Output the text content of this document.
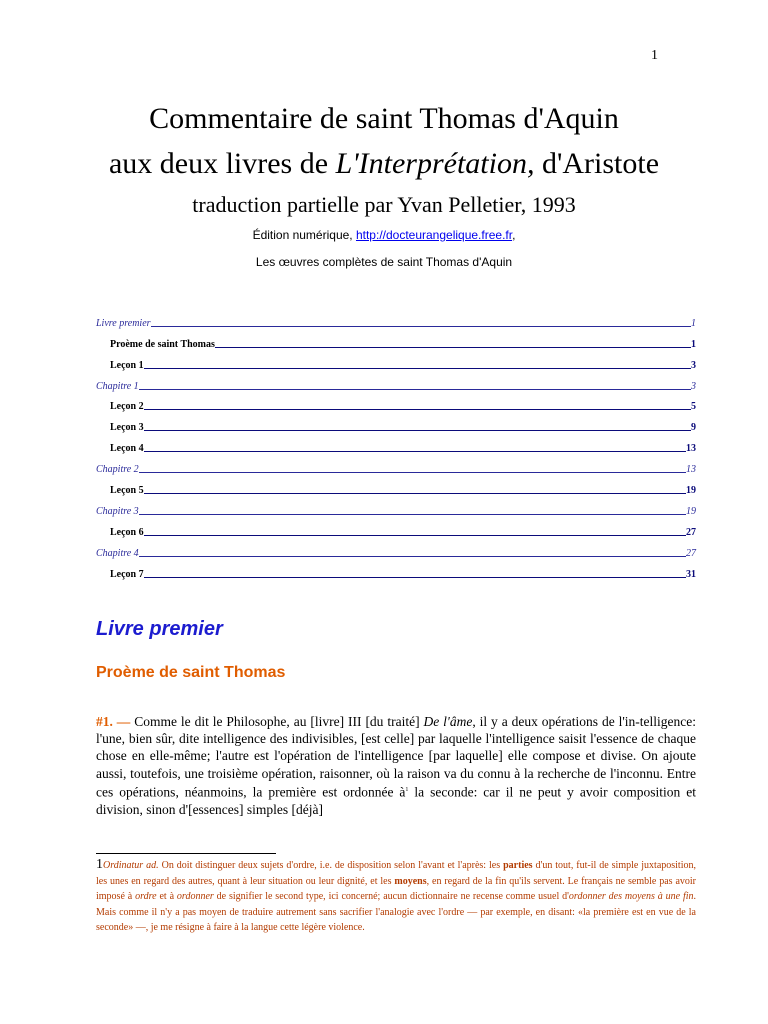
1
Commentaire de saint Thomas d'Aquin
aux deux livres de L'Interprétation, d'Aristote
traduction partielle par Yvan Pelletier, 1993
Édition numérique, http://docteurangelique.free.fr,
Les œuvres complètes de saint Thomas d'Aquin
Livre premier	1
Proème de saint Thomas	1
Leçon 1	3
Chapitre 1	3
Leçon 2	5
Leçon 3	9
Leçon 4	13
Chapitre 2	13
Leçon 5	19
Chapitre 3	19
Leçon 6	27
Chapitre 4	27
Leçon 7	31
Livre premier
Proème de saint Thomas
#1. — Comme le dit le Philosophe, au [livre] III [du traité] De l'âme, il y a deux opérations de l'in-telligence: l'une, bien sûr, dite intelligence des indivisibles, [est celle] par laquelle l'intelligence saisit l'essence de chaque chose en elle-même; l'autre est l'opération de l'intelligence [par laquelle] elle compose et divise. On ajoute aussi, toutefois, une troisième opération, raisonner, où la raison va du connu à la recherche de l'inconnu. Entre ces opérations, néanmoins, la première est ordonnée $à^1$ la seconde: car il ne peut y avoir composition et division, sinon d'[essences] simples [déjà]
1Ordinatur ad. On doit distinguer deux sujets d'ordre, i.e. de disposition selon l'avant et l'après: les parties d'un tout, fut-il de simple juxtaposition, les unes en regard des autres, quant à leur situation ou leur dignité, et les moyens, en regard de la fin qu'ils servent. Le français ne semble pas avoir imposé à ordre et à ordonner de signifier le second type, ici concerné; aucun dictionnaire ne recense comme usuel d'ordonner des moyens à une fin. Mais comme il n'y a pas moyen de traduire autrement sans sacrifier l'analogie avec l'ordre — par exemple, en disant: «la première est en vue de la seconde» —, je me résigne à faire à la langue cette légère violence.
